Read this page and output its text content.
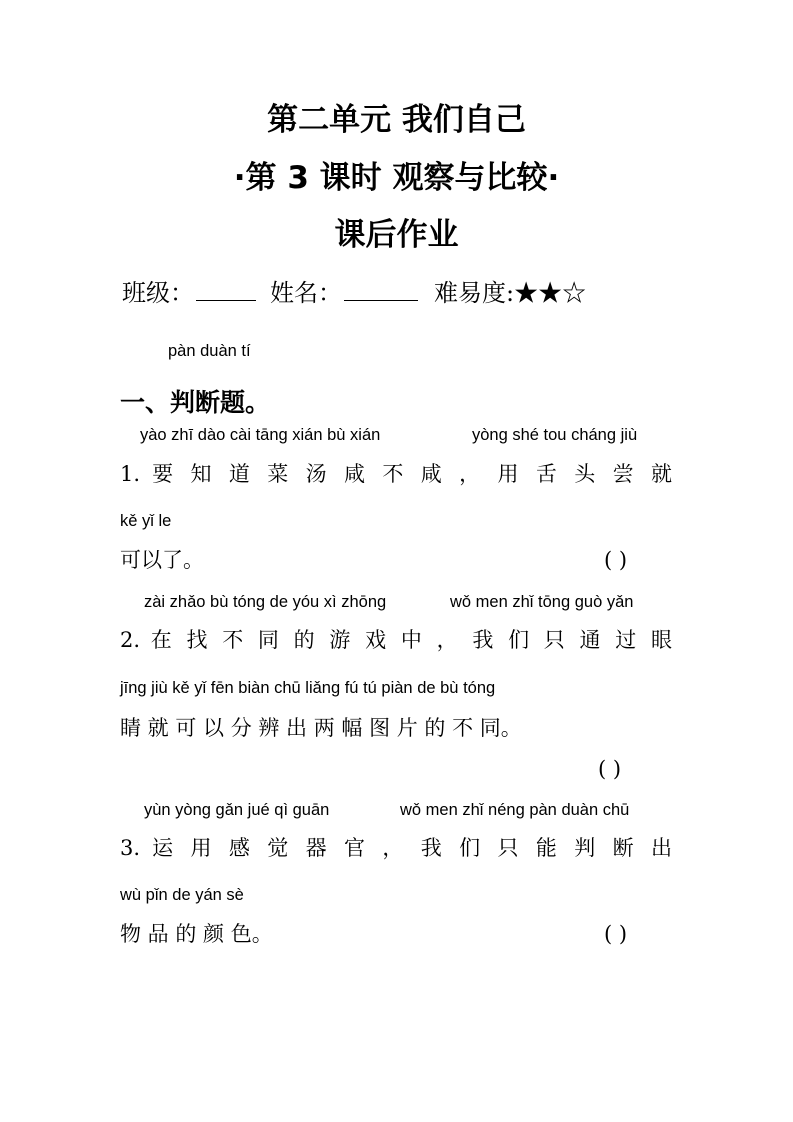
第二单元 我们自己
·第 3 课时 观察与比较·
课后作业
班级：	姓名：	难易度:★★☆
pàn duàn tí
一、判断题。
yào zhī dào cài tāng xián bù xián	yòng shé tou cháng jiù
1. 要 知 道 菜 汤 咸 不 咸 ， 用 舌 头 尝 就
kě yǐ le
可以了。	( )
zài zhǎo bù tóng de yóu xì zhōng	wǒ men zhǐ tōng guò yǎn
2. 在 找 不 同 的 游 戏 中 ， 我 们 只 通 过 眼
jīng jiù kě yǐ fēn biàn chū liǎng fú tú piàn de bù tóng
睛 就 可 以 分 辨 出 两 幅 图 片 的 不 同。
( )
yùn yòng gǎn jué qì guān	wǒ men zhǐ néng pàn duàn chū
3. 运 用 感 觉 器 官 ， 我 们 只 能 判 断 出
wù pǐn de yán sè
物 品 的 颜 色。	( )
